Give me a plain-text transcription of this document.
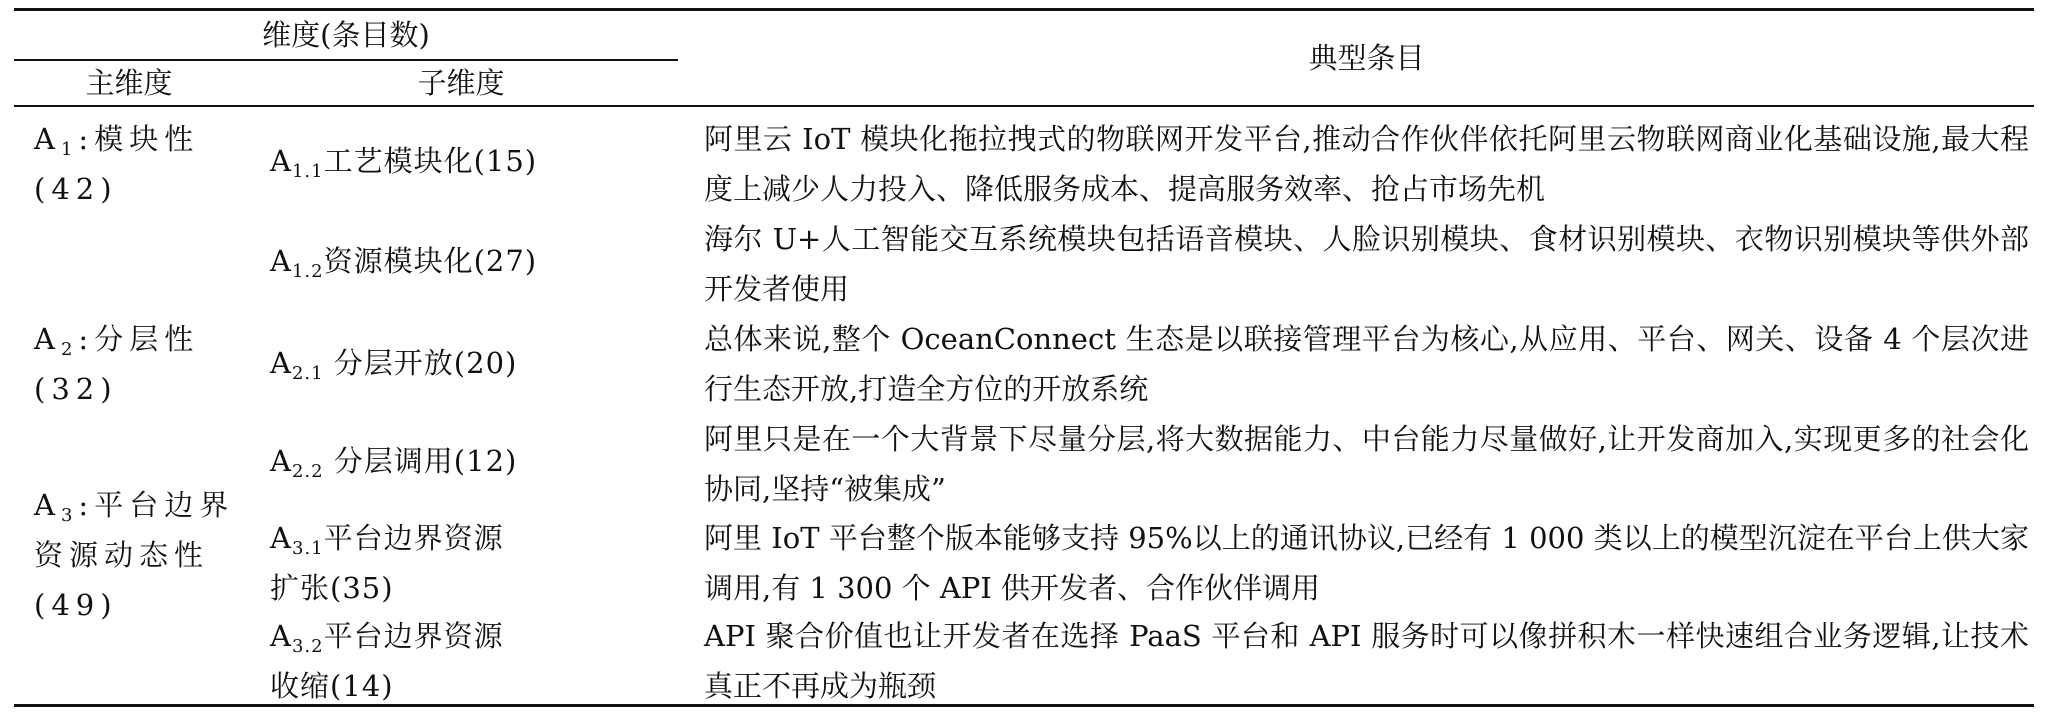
维度(条目数)
主维度	子维度
典型条目
$A_1$:模块性
(42)
$A_2$:分层性
(32)
$A_3$:平台边界
资源动态性
(49)
$A_{1.1}$工艺模块化(15)
$A_{1.2}$资源模块化(27)
$A_{2.1}$ 分层开放(20)
$A_{2.2}$ 分层调用(12)
$A_{3.1}$平台边界资源
扩张(35)
$A_{3.2}$平台边界资源
收缩(14)
阿里云 IoT 模块化拖拉拽式的物联网开发平台,推动合作伙伴依托阿里云物联网商业化基础设施,最大程度上减少人力投入、降低服务成本、提高服务效率、抢占市场先机
海尔 U+人工智能交互系统模块包括语音模块、人脸识别模块、食材识别模块、衣物识别模块等供外部开发者使用
总体来说,整个 OceanConnect 生态是以联接管理平台为核心,从应用、平台、网关、设备 4 个层次进行生态开放,打造全方位的开放系统
阿里只是在一个大背景下尽量分层,将大数据能力、中台能力尽量做好,让开发商加入,实现更多的社会化协同,坚持“被集成”
阿里 IoT 平台整个版本能够支持 95%以上的通讯协议,已经有 1 000 类以上的模型沉淀在平台上供大家调用,有 1 300 个 API 供开发者、合作伙伴调用
API 聚合价值也让开发者在选择 PaaS 平台和 API 服务时可以像拼积木一样快速组合业务逻辑,让技术真正不再成为瓶颈
